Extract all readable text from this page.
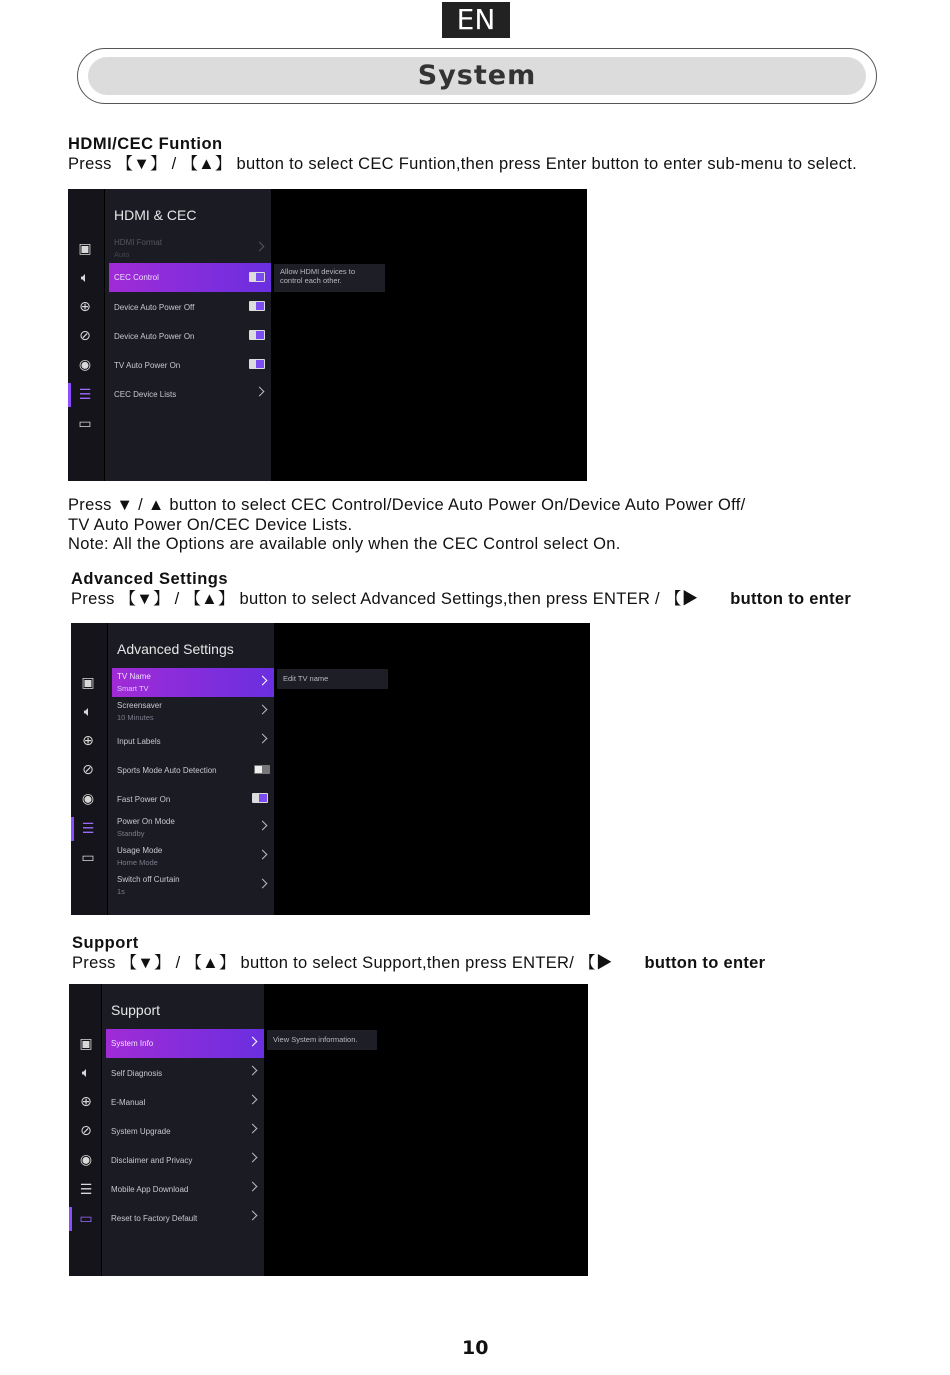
EN
System
HDMI/CEC Funtion
Press 【▼】 / 【▲】 button to select CEC Funtion,then press Enter button to enter sub-menu to select.
▣
🔈︎
⊕
⊘
◉
☰
▭
HDMI & CEC
HDMI Format
Auto
CEC Control
Device Auto Power Off
Device Auto Power On
TV Auto Power On
CEC Device Lists
Allow HDMI devices to
control each other.
Press ▼ / ▲ button to select CEC Control/Device Auto Power On/Device Auto Power Off/
TV Auto Power On/CEC Device Lists.
Note: All the Options are available only when the CEC Control select On.
Advanced Settings
Press 【▼】 / 【▲】 button to select Advanced Settings,then press ENTER / 【▶ button to enter
▣
🔈︎
⊕
⊘
◉
☰
▭
Advanced Settings
TV Name
Smart TV
Screensaver
10 Minutes
Input Labels
Sports Mode Auto Detection
Fast Power On
Power On Mode
Standby
Usage Mode
Home Mode
Switch off Curtain
1s
Edit TV name
Support
Press 【▼】 / 【▲】 button to select Support,then press ENTER/ 【▶ button to enter
▣
🔈︎
⊕
⊘
◉
☰
▭
Support
System Info
Self Diagnosis
E-Manual
System Upgrade
Disclaimer and Privacy
Mobile App Download
Reset to Factory Default
View System information.
10
